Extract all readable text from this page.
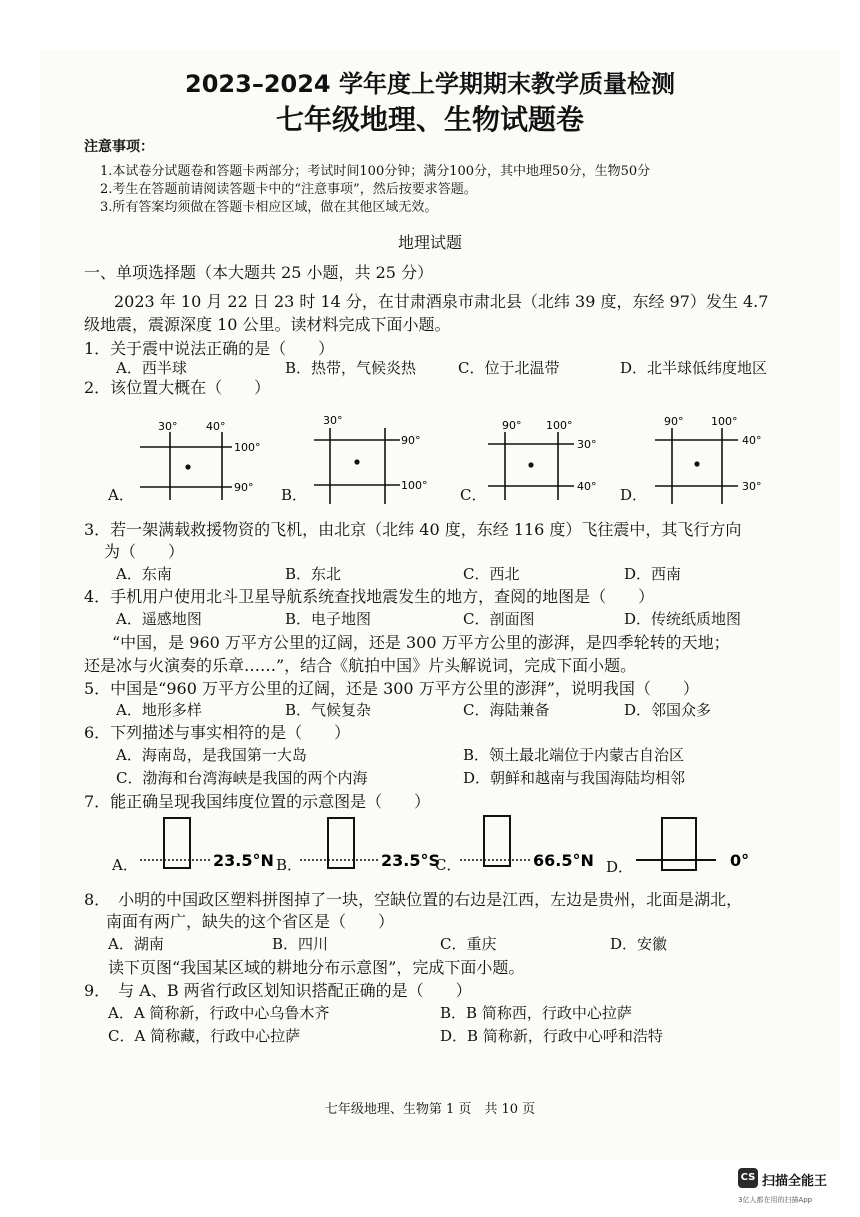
2023–2024 学年度上学期期末教学质量检测
七年级地理、生物试题卷
注意事项：
1.本试卷分试题卷和答题卡两部分；考试时间100分钟；满分100分，其中地理50分，生物50分
2.考生在答题前请阅读答题卡中的“注意事项”，然后按要求答题。
3.所有答案均须做在答题卡相应区域，做在其他区域无效。
地理试题
一、单项选择题（本大题共 25 小题，共 25 分）
2023 年 10 月 22 日 23 时 14 分，在甘肃酒泉市肃北县（北纬 39 度，东经 97）发生 4.7
级地震，震源深度 10 公里。读材料完成下面小题。
1．关于震中说法正确的是（　　）
A．西半球	B．热带，气候炎热	C．位于北温带	D．北半球低纬度地区
2．该位置大概在（　　）
30°	40°
100°
90°
30°
90°
100°
90° 100°
30°
40°
90°	100°
40°
30°
A．	B．	C．	D．
3．若一架满载救援物资的飞机，由北京（北纬 40 度，东经 116 度）飞往震中，其飞行方向
为（　　）
A．东南	B．东北	C．西北	D．西南
4．手机用户使用北斗卫星导航系统查找地震发生的地方，查阅的地图是（　　）
A．遥感地图	B．电子地图	C．剖面图	D．传统纸质地图
“中国，是 960 万平方公里的辽阔，还是 300 万平方公里的澎湃，是四季轮转的天地；
还是冰与火演奏的乐章……”，结合《航拍中国》片头解说词，完成下面小题。
5．中国是“960 万平方公里的辽阔，还是 300 万平方公里的澎湃”，说明我国（　　）
A．地形多样	B．气候复杂	C．海陆兼备	D．邻国众多
6．下列描述与事实相符的是（　　）
A．海南岛，是我国第一大岛	B．领土最北端位于内蒙古自治区
C．渤海和台湾海峡是我国的两个内海	D．朝鲜和越南与我国海陆均相邻
7．能正确呈现我国纬度位置的示意图是（　　）
23.5°N	23.5°S	66.5°N	0°
A．	B．	C．	D．
8．　小明的中国政区塑料拼图掉了一块，空缺位置的右边是江西，左边是贵州，北面是湖北，
南面有两广，缺失的这个省区是（　　）
A．湖南	B．四川	C．重庆	D．安徽
读下页图“我国某区域的耕地分布示意图”，完成下面小题。
9．　与 A、B 两省行政区划知识搭配正确的是（　　）
A．A 简称新，行政中心乌鲁木齐	B．B 简称西，行政中心拉萨
C．A 简称藏，行政中心拉萨	D．B 简称新，行政中心呼和浩特
七年级地理、生物第 1 页　共 10 页
CS 扫描全能王
3亿人都在用的扫描App
